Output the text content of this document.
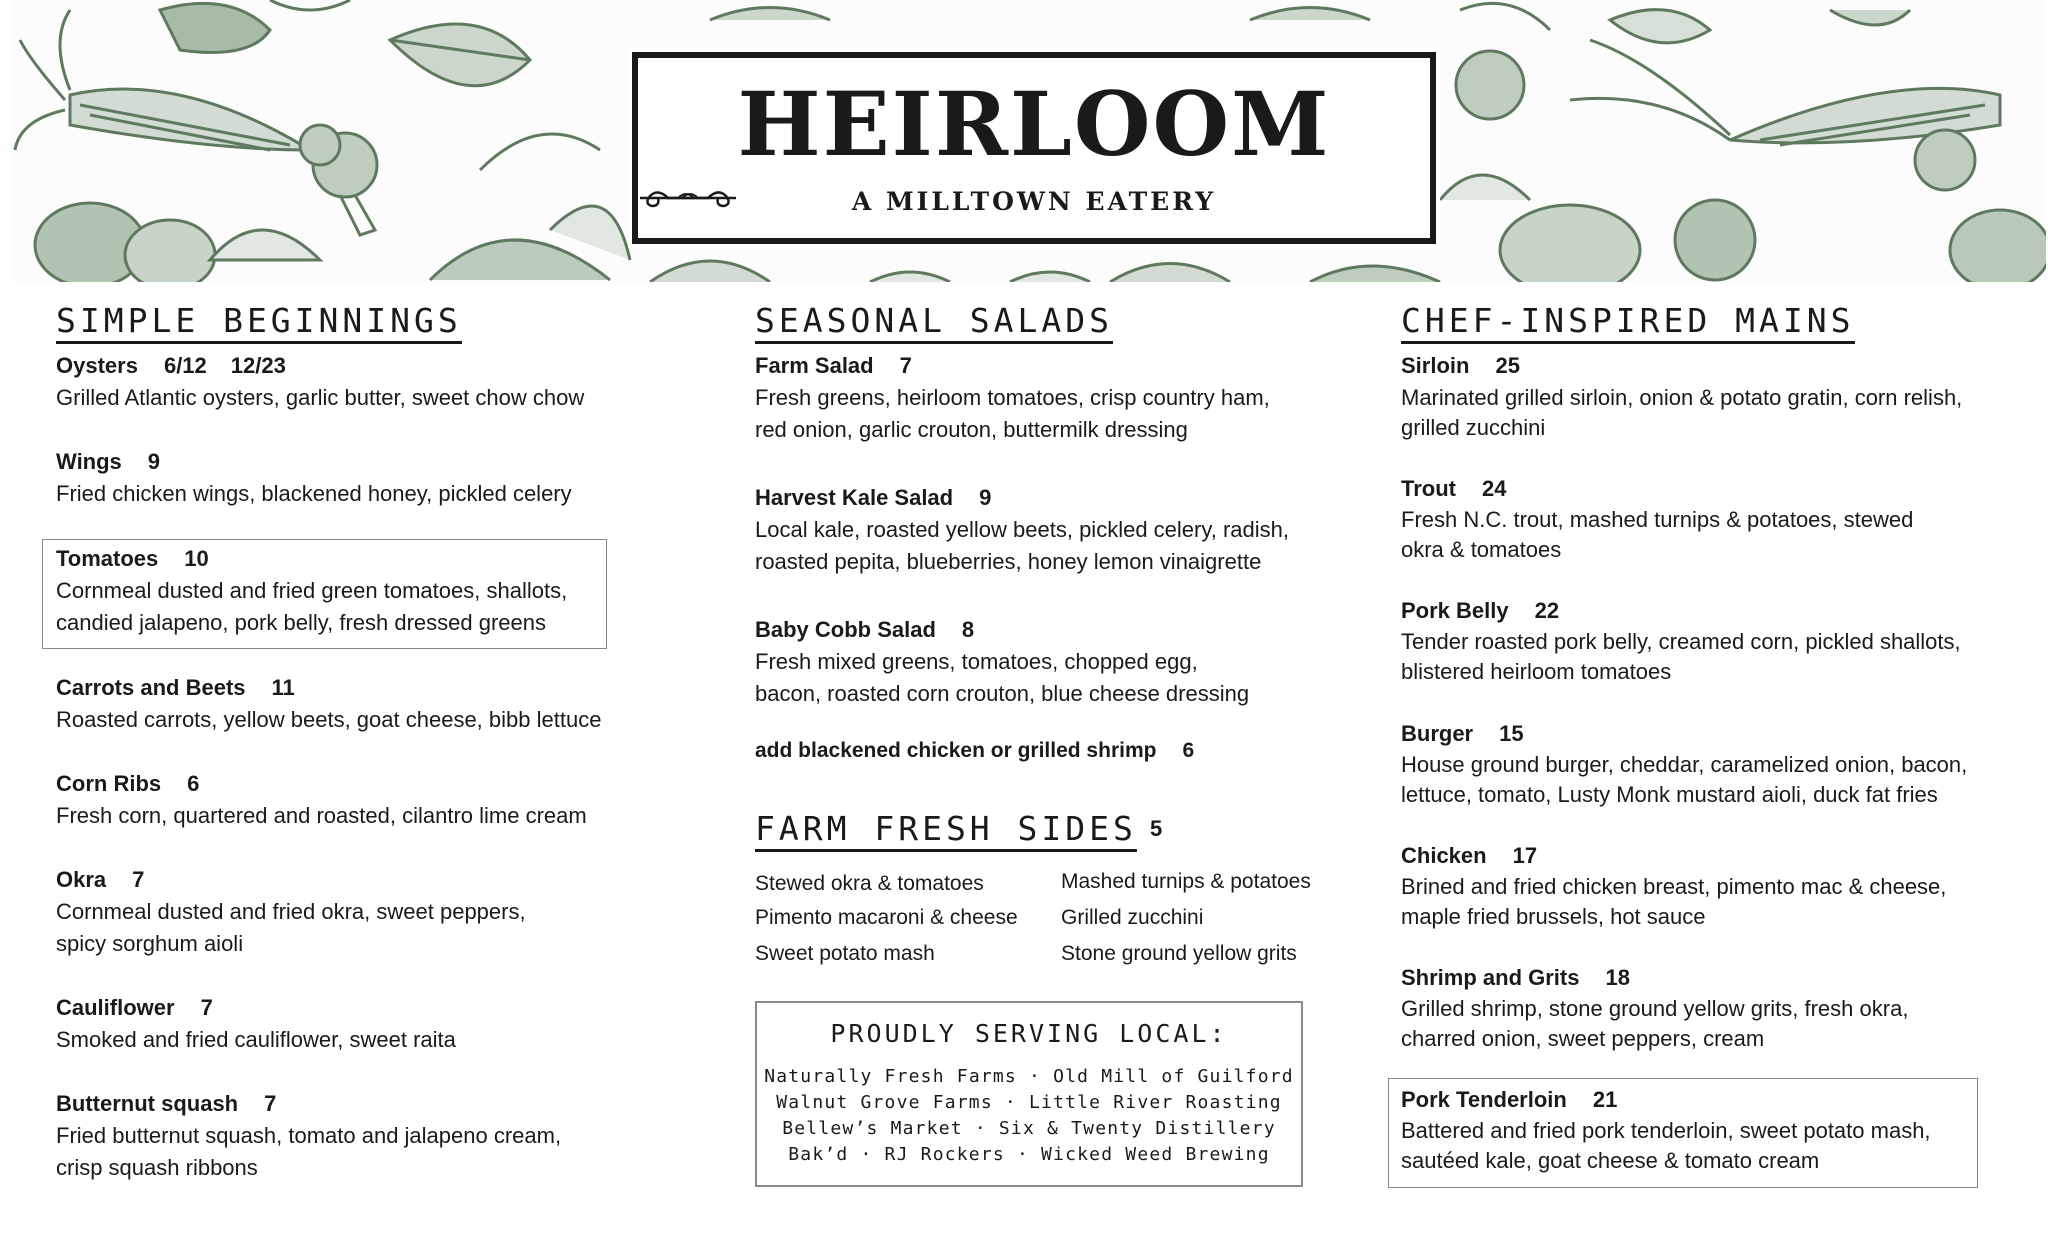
HEIRLOOM
A MILLTOWN EATERY
SIMPLE BEGINNINGS
Oysters 6/12 12/23
Grilled Atlantic oysters, garlic butter, sweet chow chow
Wings 9
Fried chicken wings, blackened honey, pickled celery
Tomatoes 10
Cornmeal dusted and fried green tomatoes, shallots,
candied jalapeno, pork belly, fresh dressed greens
Carrots and Beets 11
Roasted carrots, yellow beets, goat cheese, bibb lettuce
Corn Ribs 6
Fresh corn, quartered and roasted, cilantro lime cream
Okra 7
Cornmeal dusted and fried okra, sweet peppers,
spicy sorghum aioli
Cauliflower 7
Smoked and fried cauliflower, sweet raita
Butternut squash 7
Fried butternut squash, tomato and jalapeno cream,
crisp squash ribbons
SEASONAL SALADS
Farm Salad 7
Fresh greens, heirloom tomatoes, crisp country ham,
red onion, garlic crouton, buttermilk dressing
Harvest Kale Salad 9
Local kale, roasted yellow beets, pickled celery, radish,
roasted pepita, blueberries, honey lemon vinaigrette
Baby Cobb Salad 8
Fresh mixed greens, tomatoes, chopped egg,
bacon, roasted corn crouton, blue cheese dressing
add blackened chicken or grilled shrimp 6
FARM FRESH SIDES 5
Stewed okra & tomatoes
Pimento macaroni & cheese
Sweet potato mash
Mashed turnips & potatoes
Grilled zucchini
Stone ground yellow grits
PROUDLY SERVING LOCAL:
Naturally Fresh Farms · Old Mill of Guilford
Walnut Grove Farms · Little River Roasting
Bellew’s Market · Six & Twenty Distillery
Bak’d · RJ Rockers · Wicked Weed Brewing
CHEF-INSPIRED MAINS
Sirloin 25
Marinated grilled sirloin, onion & potato gratin, corn relish,
grilled zucchini
Trout 24
Fresh N.C. trout, mashed turnips & potatoes, stewed
okra & tomatoes
Pork Belly 22
Tender roasted pork belly, creamed corn, pickled shallots,
blistered heirloom tomatoes
Burger 15
House ground burger, cheddar, caramelized onion, bacon,
lettuce, tomato, Lusty Monk mustard aioli, duck fat fries
Chicken 17
Brined and fried chicken breast, pimento mac & cheese,
maple fried brussels, hot sauce
Shrimp and Grits 18
Grilled shrimp, stone ground yellow grits, fresh okra,
charred onion, sweet peppers, cream
Pork Tenderloin 21
Battered and fried pork tenderloin, sweet potato mash,
sautéed kale, goat cheese & tomato cream
